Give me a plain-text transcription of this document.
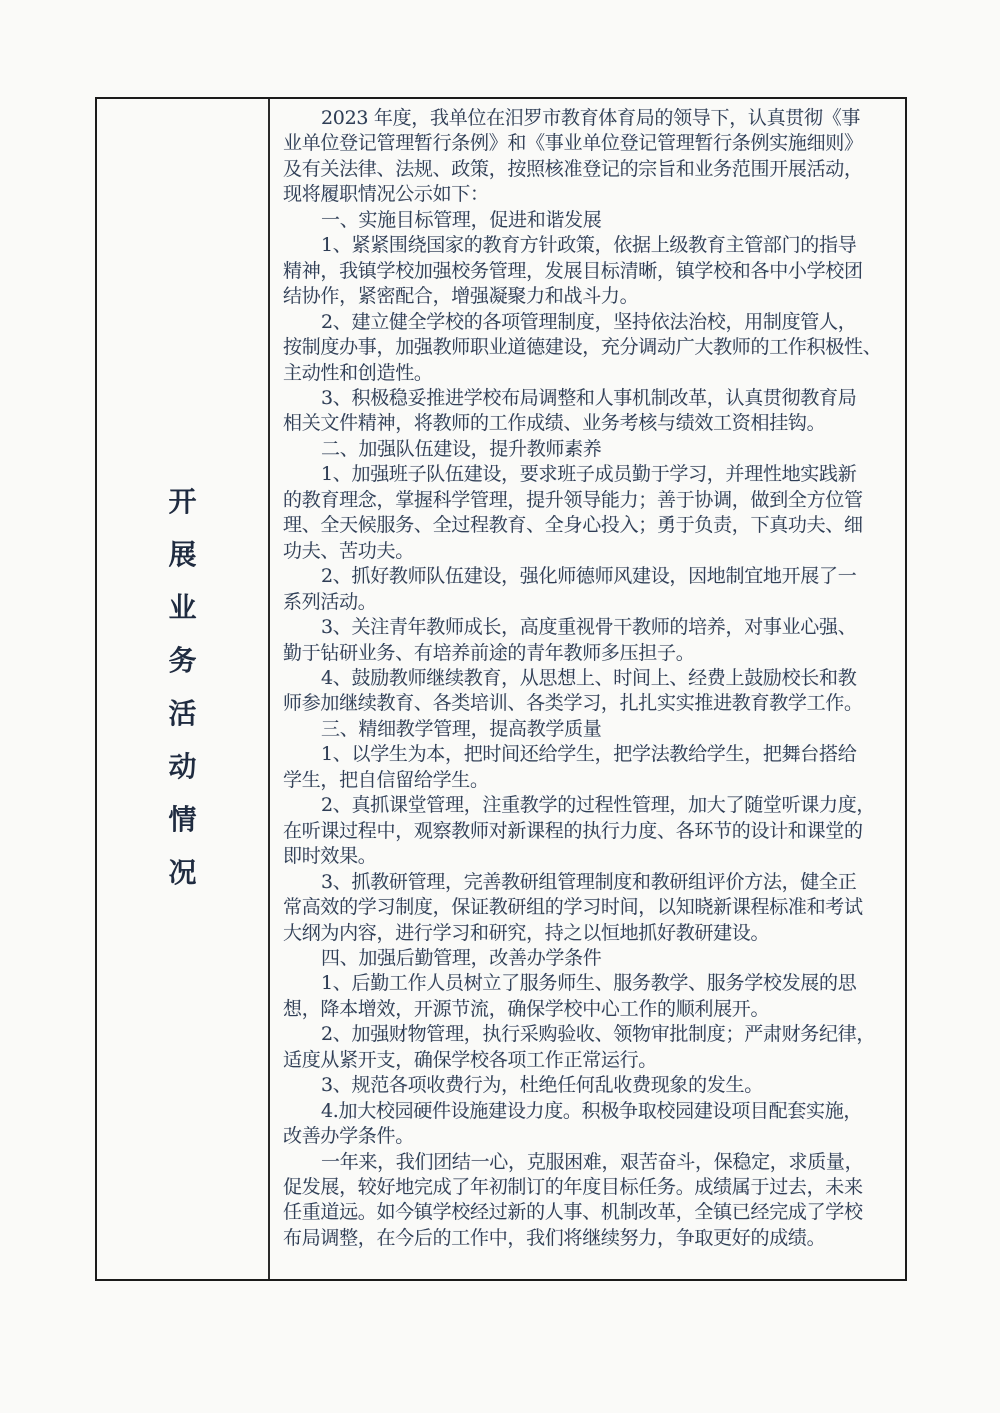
开
展
业
务
活
动
情
况
2023 年度，我单位在汨罗市教育体育局的领导下，认真贯彻《事
业单位登记管理暂行条例》和《事业单位登记管理暂行条例实施细则》
及有关法律、法规、政策，按照核准登记的宗旨和业务范围开展活动，
现将履职情况公示如下：
一、实施目标管理，促进和谐发展
1、紧紧围绕国家的教育方针政策，依据上级教育主管部门的指导
精神，我镇学校加强校务管理，发展目标清晰，镇学校和各中小学校团
结协作，紧密配合，增强凝聚力和战斗力。
2、建立健全学校的各项管理制度，坚持依法治校，用制度管人，
按制度办事，加强教师职业道德建设，充分调动广大教师的工作积极性、
主动性和创造性。
3、积极稳妥推进学校布局调整和人事机制改革，认真贯彻教育局
相关文件精神，将教师的工作成绩、业务考核与绩效工资相挂钩。
二、加强队伍建设，提升教师素养
1、加强班子队伍建设，要求班子成员勤于学习，并理性地实践新
的教育理念，掌握科学管理，提升领导能力；善于协调，做到全方位管
理、全天候服务、全过程教育、全身心投入；勇于负责，下真功夫、细
功夫、苦功夫。
2、抓好教师队伍建设，强化师德师风建设，因地制宜地开展了一
系列活动。
3、关注青年教师成长，高度重视骨干教师的培养，对事业心强、
勤于钻研业务、有培养前途的青年教师多压担子。
4、鼓励教师继续教育，从思想上、时间上、经费上鼓励校长和教
师参加继续教育、各类培训、各类学习，扎扎实实推进教育教学工作。
三、精细教学管理，提高教学质量
1、以学生为本，把时间还给学生，把学法教给学生，把舞台搭给
学生，把自信留给学生。
2、真抓课堂管理，注重教学的过程性管理，加大了随堂听课力度，
在听课过程中，观察教师对新课程的执行力度、各环节的设计和课堂的
即时效果。
3、抓教研管理，完善教研组管理制度和教研组评价方法，健全正
常高效的学习制度，保证教研组的学习时间，以知晓新课程标准和考试
大纲为内容，进行学习和研究，持之以恒地抓好教研建设。
四、加强后勤管理，改善办学条件
1、后勤工作人员树立了服务师生、服务教学、服务学校发展的思
想，降本增效，开源节流，确保学校中心工作的顺利展开。
2、加强财物管理，执行采购验收、领物审批制度；严肃财务纪律，
适度从紧开支，确保学校各项工作正常运行。
3、规范各项收费行为，杜绝任何乱收费现象的发生。
4.加大校园硬件设施建设力度。积极争取校园建设项目配套实施，
改善办学条件。
一年来，我们团结一心，克服困难，艰苦奋斗，保稳定，求质量，
促发展，较好地完成了年初制订的年度目标任务。成绩属于过去，未来
任重道远。如今镇学校经过新的人事、机制改革，全镇已经完成了学校
布局调整，在今后的工作中，我们将继续努力，争取更好的成绩。
